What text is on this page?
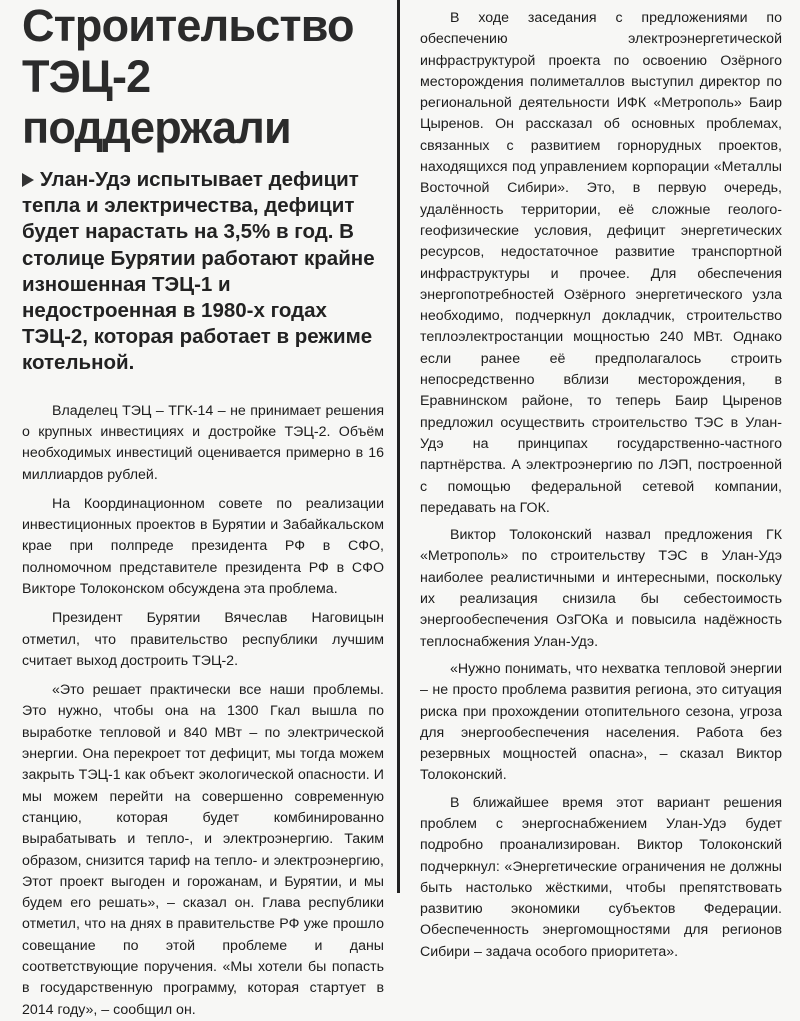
Строительство
ТЭЦ-2 поддержали

Улан-Удэ испытывает дефицит тепла и электричества, дефицит будет нарастать на 3,5% в год. В столице Бурятии работают крайне изношенная ТЭЦ-1 и недостроенная в 1980-х годах ТЭЦ-2, которая работает в режиме котельной.

Владелец ТЭЦ – ТГК-14 – не принимает решения о крупных инвестициях и достройке ТЭЦ-2. Объём необходимых инвестиций оценивается примерно в 16 миллиардов рублей.

На Координационном совете по реализации инвестиционных проектов в Бурятии и Забайкальском крае при полпреде президента РФ в СФО, полномочном представителе президента РФ в СФО Викторе Толоконском обсуждена эта проблема.

Президент Бурятии Вячеслав Наговицын отметил, что правительство республики лучшим считает выход достроить ТЭЦ-2.

«Это решает практически все наши проблемы. Это нужно, чтобы она на 1300 Гкал вышла по выработке тепловой и 840 МВт – по электрической энергии. Она перекроет тот дефицит, мы тогда можем закрыть ТЭЦ-1 как объект экологической опасности. И мы можем перейти на совершенно современную станцию, которая будет комбинированно вырабатывать и тепло-, и электроэнергию. Таким образом, снизится тариф на тепло- и электроэнергию, Этот проект выгоден и горожанам, и Бурятии, и мы будем его решать», – сказал он. Глава республики отметил, что на днях в правительстве РФ уже прошло совещание по этой проблеме и даны соответствующие поручения. «Мы хотели бы попасть в государственную программу, которая стартует в 2014 году», – сообщил он.

В ходе заседания с предложениями по обеспечению электроэнергетической инфраструктурой проекта по освоению Озёрного месторождения полиметаллов выступил директор по региональной деятельности ИФК «Метрополь» Баир Цыренов. Он рассказал об основных проблемах, связанных с развитием горнорудных проектов, находящихся под управлением корпорации «Металлы Восточной Сибири». Это, в первую очередь, удалённость территории, её сложные геолого-геофизические условия, дефицит энергетических ресурсов, недостаточное развитие транспортной инфраструктуры и прочее. Для обеспечения энергопотребностей Озёрного энергетического узла необходимо, подчеркнул докладчик, строительство теплоэлектростанции мощностью 240 МВт. Однако если ранее её предполагалось строить непосредственно вблизи месторождения, в Еравнинском районе, то теперь Баир Цыренов предложил осуществить строительство ТЭС в Улан-Удэ на принципах государственно-частного партнёрства. А электроэнергию по ЛЭП, построенной с помощью федеральной сетевой компании, передавать на ГОК.

Виктор Толоконский назвал предложения ГК «Метрополь» по строительству ТЭС в Улан-Удэ наиболее реалистичными и интересными, поскольку их реализация снизила бы себестоимость энергообеспечения ОзГОКа и повысила надёжность теплоснабжения Улан-Удэ.

«Нужно понимать, что нехватка тепловой энергии – не просто проблема развития региона, это ситуация риска при прохождении отопительного сезона, угроза для энергообеспечения населения. Работа без резервных мощностей опасна», – сказал Виктор Толоконский.

В ближайшее время этот вариант решения проблем с энергоснабжением Улан-Удэ будет подробно проанализирован. Виктор Толоконский подчеркнул: «Энергетические ограничения не должны быть настолько жёсткими, чтобы препятствовать развитию экономики субъектов Федерации. Обеспеченность энергомощностями для регионов Сибири – задача особого приоритета».
